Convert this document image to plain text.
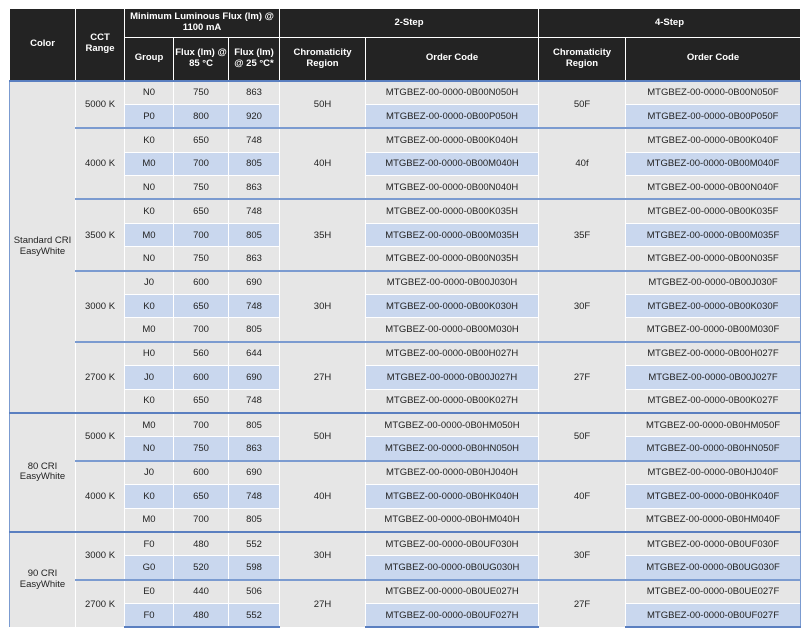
Color	CCT Range	Minimum Luminous Flux (lm) @ 1100 mA			2-Step		4-Step	
		Group	Flux (lm) @ 85 °C	Flux (lm) @ 25 °C*	Chromaticity Region	Order Code	Chromaticity Region	Order Code
Standard CRI EasyWhite	5000 K	N0	750	863	50H	MTGBEZ-00-0000-0B00N050H	50F	MTGBEZ-00-0000-0B00N050F
		P0	800	920		MTGBEZ-00-0000-0B00P050H		MTGBEZ-00-0000-0B00P050F
	4000 K	K0	650	748	40H	MTGBEZ-00-0000-0B00K040H	40f	MTGBEZ-00-0000-0B00K040F
		M0	700	805		MTGBEZ-00-0000-0B00M040H		MTGBEZ-00-0000-0B00M040F
		N0	750	863		MTGBEZ-00-0000-0B00N040H		MTGBEZ-00-0000-0B00N040F
	3500 K	K0	650	748	35H	MTGBEZ-00-0000-0B00K035H	35F	MTGBEZ-00-0000-0B00K035F
		M0	700	805		MTGBEZ-00-0000-0B00M035H		MTGBEZ-00-0000-0B00M035F
		N0	750	863		MTGBEZ-00-0000-0B00N035H		MTGBEZ-00-0000-0B00N035F
	3000 K	J0	600	690	30H	MTGBEZ-00-0000-0B00J030H	30F	MTGBEZ-00-0000-0B00J030F
		K0	650	748		MTGBEZ-00-0000-0B00K030H		MTGBEZ-00-0000-0B00K030F
		M0	700	805		MTGBEZ-00-0000-0B00M030H		MTGBEZ-00-0000-0B00M030F
	2700 K	H0	560	644	27H	MTGBEZ-00-0000-0B00H027H	27F	MTGBEZ-00-0000-0B00H027F
		J0	600	690		MTGBEZ-00-0000-0B00J027H		MTGBEZ-00-0000-0B00J027F
		K0	650	748		MTGBEZ-00-0000-0B00K027H		MTGBEZ-00-0000-0B00K027F
80 CRI EasyWhite	5000 K	M0	700	805	50H	MTGBEZ-00-0000-0B0HM050H	50F	MTGBEZ-00-0000-0B0HM050F
		N0	750	863		MTGBEZ-00-0000-0B0HN050H		MTGBEZ-00-0000-0B0HN050F
	4000 K	J0	600	690	40H	MTGBEZ-00-0000-0B0HJ040H	40F	MTGBEZ-00-0000-0B0HJ040F
		K0	650	748		MTGBEZ-00-0000-0B0HK040H		MTGBEZ-00-0000-0B0HK040F
		M0	700	805		MTGBEZ-00-0000-0B0HM040H		MTGBEZ-00-0000-0B0HM040F
90 CRI EasyWhite	3000 K	F0	480	552	30H	MTGBEZ-00-0000-0B0UF030H	30F	MTGBEZ-00-0000-0B0UF030F
		G0	520	598		MTGBEZ-00-0000-0B0UG030H		MTGBEZ-00-0000-0B0UG030F
	2700 K	E0	440	506	27H	MTGBEZ-00-0000-0B0UE027H	27F	MTGBEZ-00-0000-0B0UE027F
		F0	480	552		MTGBEZ-00-0000-0B0UF027H		MTGBEZ-00-0000-0B0UF027F
